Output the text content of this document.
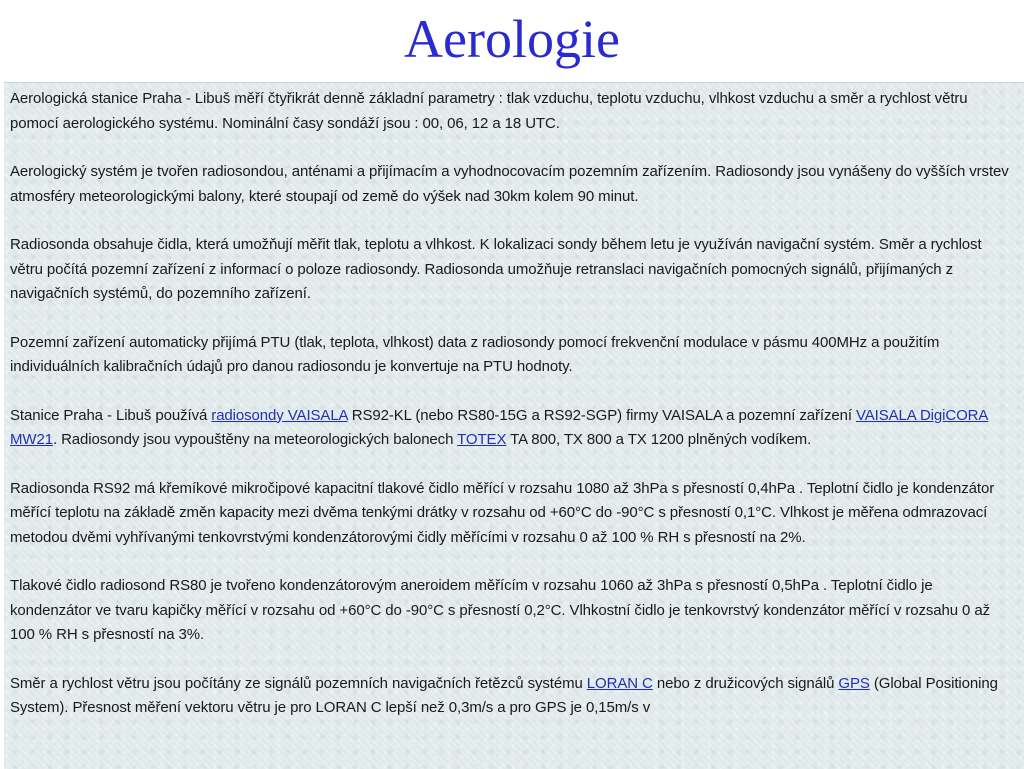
Aerologie

Aerologická stanice Praha - Libuš měří čtyřikrát denně základní parametry : tlak vzduchu, teplotu vzduchu, vlhkost vzduchu a směr a rychlost větru pomocí aerologického systému. Nominální časy sondáží jsou : 00, 06, 12 a 18 UTC.

Aerologický systém je tvořen radiosondou, anténami a přijímacím a vyhodnocovacím pozemním zařízením. Radiosondy jsou vynášeny do vyšších vrstev atmosféry meteorologickými balony, které stoupají od země do výšek nad 30km kolem 90 minut.

Radiosonda obsahuje čidla, která umožňují měřit tlak, teplotu a vlhkost. K lokalizaci sondy během letu je využíván navigační systém. Směr a rychlost větru počítá pozemní zařízení z informací o poloze radiosondy. Radiosonda umožňuje retranslaci navigačních pomocných signálů, přijímaných z navigačních systémů, do pozemního zařízení.

Pozemní zařízení automaticky přijímá PTU (tlak, teplota, vlhkost) data z radiosondy pomocí frekvenční modulace v pásmu 400MHz a použitím individuálních kalibračních údajů pro danou radiosondu je konvertuje na PTU hodnoty.

Stanice Praha - Libuš používá radiosondy VAISALA RS92-KL (nebo RS80-15G a RS92-SGP) firmy VAISALA a pozemní zařízení VAISALA DigiCORA MW21. Radiosondy jsou vypouštěny na meteorologických balonech TOTEX TA 800, TX 800 a TX 1200 plněných vodíkem.

Radiosonda RS92 má křemíkové mikročipové kapacitní tlakové čidlo měřící v rozsahu 1080 až 3hPa s přesností 0,4hPa . Teplotní čidlo je kondenzátor měřící teplotu na základě změn kapacity mezi dvěma tenkými drátky v rozsahu od +60°C do -90°C s přesností 0,1°C. Vlhkost je měřena odmrazovací metodou dvěmi vyhřívanými tenkovrstvými kondenzátorovými čidly měřícími v rozsahu 0 až 100 % RH s přesností na 2%.

Tlakové čidlo radiosond RS80 je tvořeno kondenzátorovým aneroidem měřícím v rozsahu 1060 až 3hPa s přesností 0,5hPa . Teplotní čidlo je kondenzátor ve tvaru kapičky měřící v rozsahu od +60°C do -90°C s přesností 0,2°C. Vlhkostní čidlo je tenkovrstvý kondenzátor měřící v rozsahu 0 až 100 % RH s přesností na 3%.

Směr a rychlost větru jsou počítány ze signálů pozemních navigačních řetězců systému LORAN C nebo z družicových signálů GPS (Global Positioning System). Přesnost měření vektoru větru je pro LORAN C lepší než 0,3m/s a pro GPS je 0,15m/s v
